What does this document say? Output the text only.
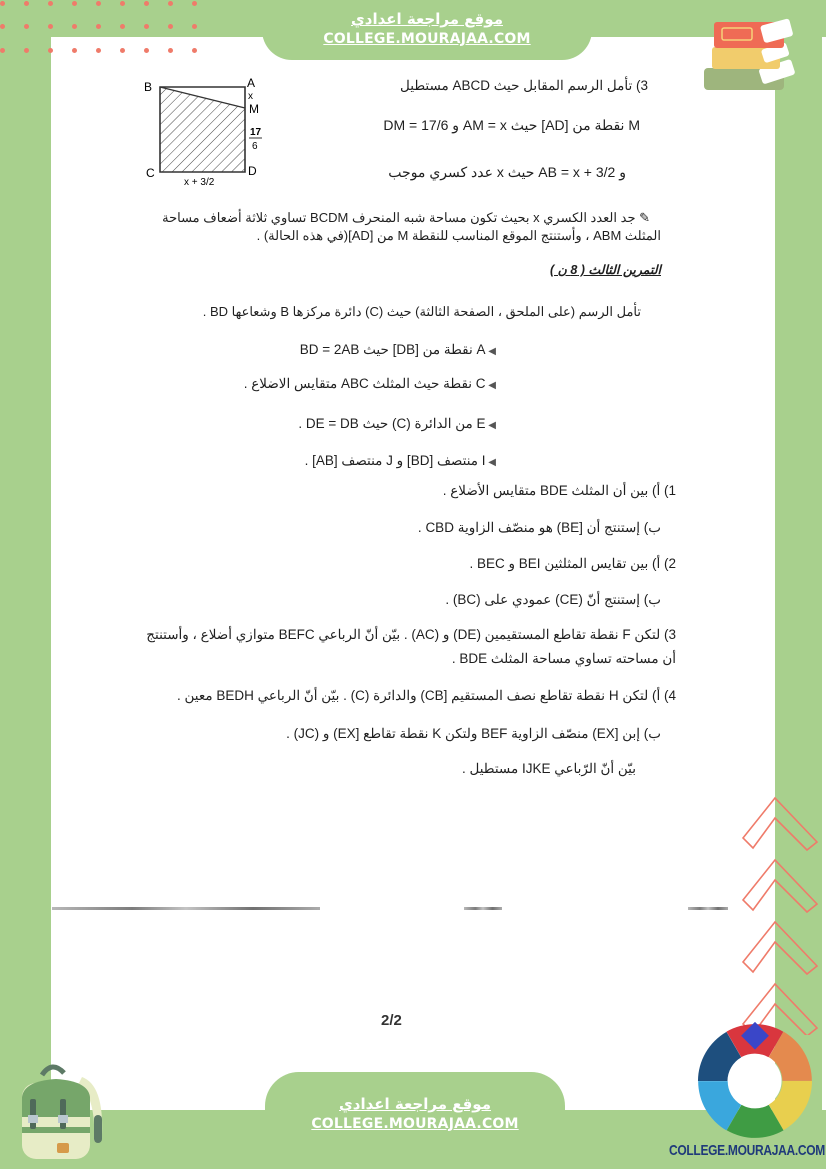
موقع مراجعة اعدادي
COLLEGE.MOURAJAA.COM
B	A
x
M
17
6
C	D
x + 3/2
3) تأمل الرسم المقابل حيث ABCD مستطيل
M نقطة من [AD] حيث AM = x و DM = 17/6
و AB = x + 3/2 حيث x عدد كسري موجب
✎ جد العدد الكسري x بحيث تكون مساحة شبه المنحرف BCDM تساوي ثلاثة أضعاف مساحة
المثلث ABM ، وأستنتج الموقع المناسب للنقطة M من [AD](في هذه الحالة) .
التمرين الثالث ( 8 ن )
تأمل الرسم (على الملحق ، الصفحة الثالثة) حيث (C) دائرة مركزها B وشعاعها BD .
◀ A نقطة من [DB] حيث BD = 2AB
◀ C نقطة حيث المثلث ABC متقايس الاضلاع .
◀ E من الدائرة (C) حيث DE = DB .
◀ I منتصف [BD] و J منتصف [AB] .
1) أ) بين أن المثلث BDE متقايس الأضلاع .
ب) إستنتج أن [BE) هو منصّف الزاوية CBD .
2) أ) بين تقايس المثلثين BEI و BEC .
ب) إستنتج أنّ (CE) عمودي على (BC) .
3) لتكن F نقطة تقاطع المستقيمين (DE) و (AC) . بيّن أنّ الرباعي BEFC متوازي أضلاع ، وأستنتج
أن مساحته تساوي مساحة المثلث BDE .
4) أ) لتكن H نقطة تقاطع نصف المستقيم [CB) والدائرة (C) . بيّن أنّ الرباعي BEDH معين .
ب) إبن [EX) منصّف الزاوية BEF ولتكن K نقطة تقاطع [EX) و (JC) .
بيّن أنّ الرّباعي IJKE مستطيل .
2/2
موقع مراجعة اعدادي
COLLEGE.MOURAJAA.COM
COLLEGE.MOURAJAA.COM
